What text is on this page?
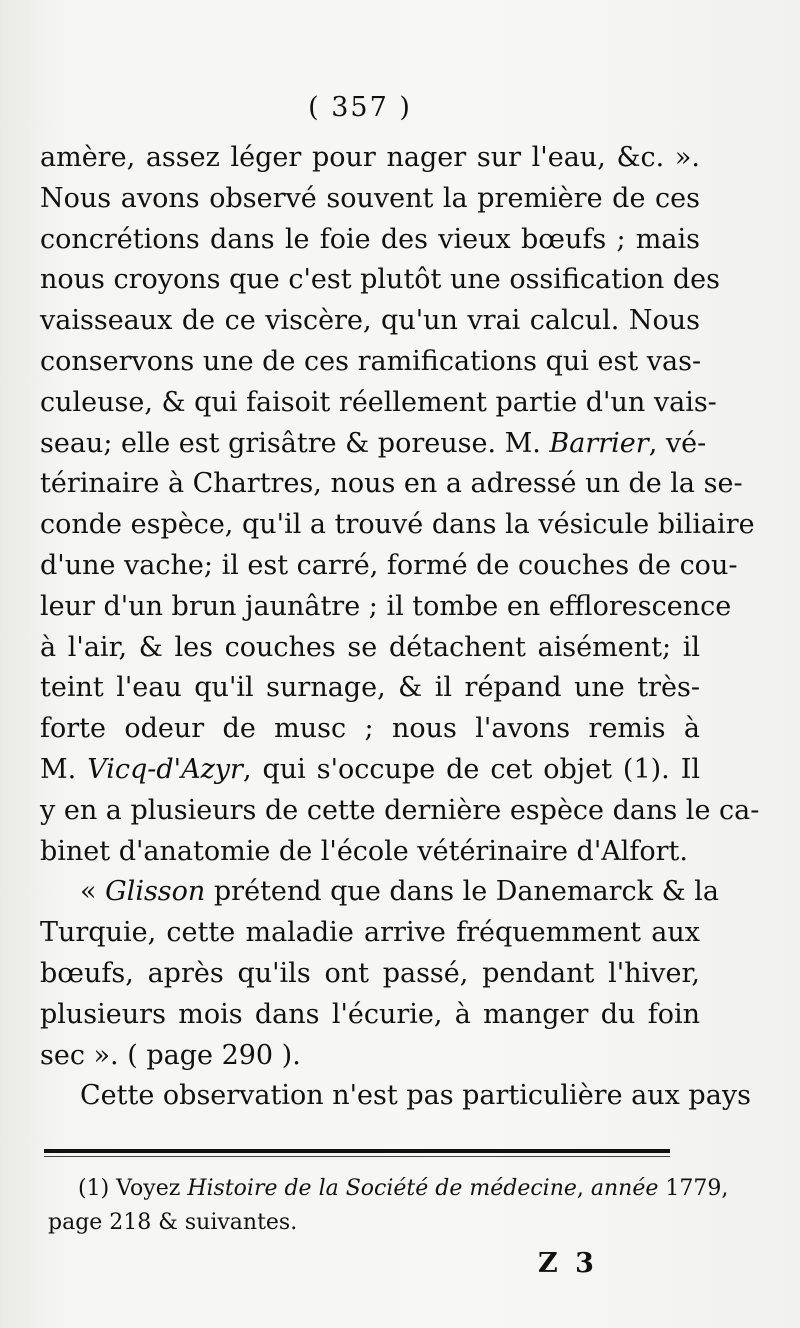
( 357 )
amère, assez léger pour nager sur l'eau, &c. ».
Nous avons observé souvent la première de ces
concrétions dans le foie des vieux bœufs ; mais
nous croyons que c'est plutôt une ossification des
vaisseaux de ce viscère, qu'un vrai calcul. Nous
conservons une de ces ramifications qui est vas-
culeuse, & qui faisoit réellement partie d'un vais-
seau; elle est grisâtre & poreuse. M. Barrier, vé-
térinaire à Chartres, nous en a adressé un de la se-
conde espèce, qu'il a trouvé dans la vésicule biliaire
d'une vache; il est carré, formé de couches de cou-
leur d'un brun jaunâtre ; il tombe en efflorescence
à l'air, & les couches se détachent aisément; il
teint l'eau qu'il surnage, & il répand une très-
forte odeur de musc ; nous l'avons remis à
M. Vicq-d'Azyr, qui s'occupe de cet objet (1). Il
y en a plusieurs de cette dernière espèce dans le ca-
binet d'anatomie de l'école vétérinaire d'Alfort.
« Glisson prétend que dans le Danemarck & la
Turquie, cette maladie arrive fréquemment aux
bœufs, après qu'ils ont passé, pendant l'hiver,
plusieurs mois dans l'écurie, à manger du foin
sec ». ( page 290 ).
Cette observation n'est pas particulière aux pays
(1) Voyez Histoire de la Société de médecine, année 1779,
page 218 & suivantes.
Z 3
